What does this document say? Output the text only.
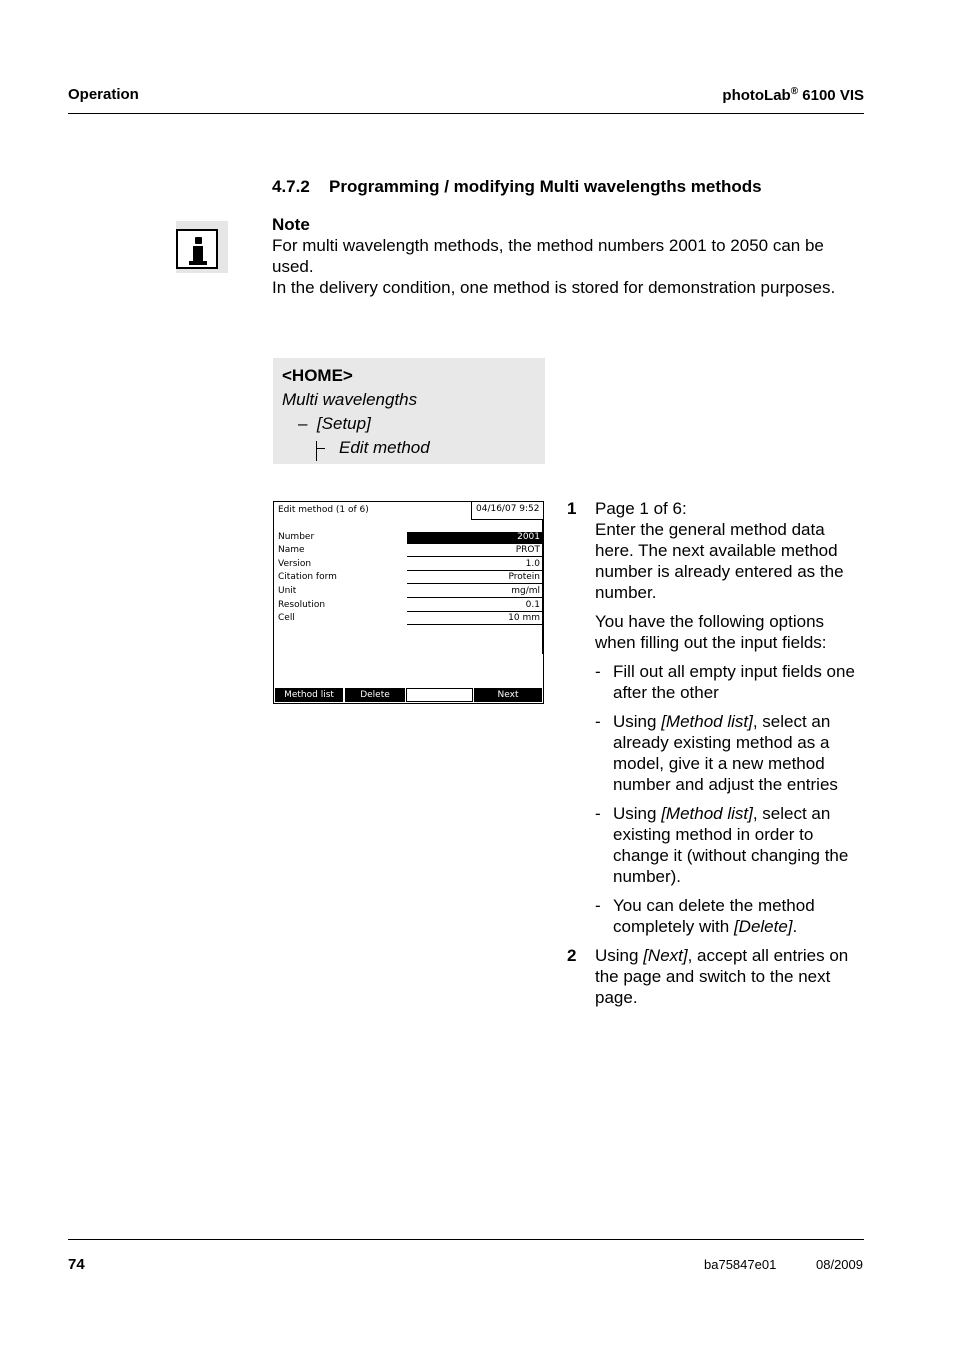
Operation	photoLab® 6100 VIS
4.7.2 Programming / modifying Multi wavelengths methods
Note
For multi wavelength methods, the method numbers 2001 to 2050 can be used.
In the delivery condition, one method is stored for demonstration purposes.
<HOME>
Multi wavelengths
– [Setup]
Edit method
Edit method (1 of 6)	04/16/07 9:52
Number	2001
Name	PROT
Version	1.0
Citation form	Protein
Unit	mg/ml
Resolution	0.1
Cell	10 mm
Method list	Delete	Next
1 Page 1 of 6:
Enter the general method data here. The next available method number is already entered as the number.

You have the following options when filling out the input fields:

- Fill out all empty input fields one after the other
- Using [Method list], select an already existing method as a model, give it a new method number and adjust the entries
- Using [Method list], select an existing method in order to change it (without changing the number).
- You can delete the method completely with [Delete].
2 Using [Next], accept all entries on the page and switch to the next page.
74	ba75847e01	08/2009
